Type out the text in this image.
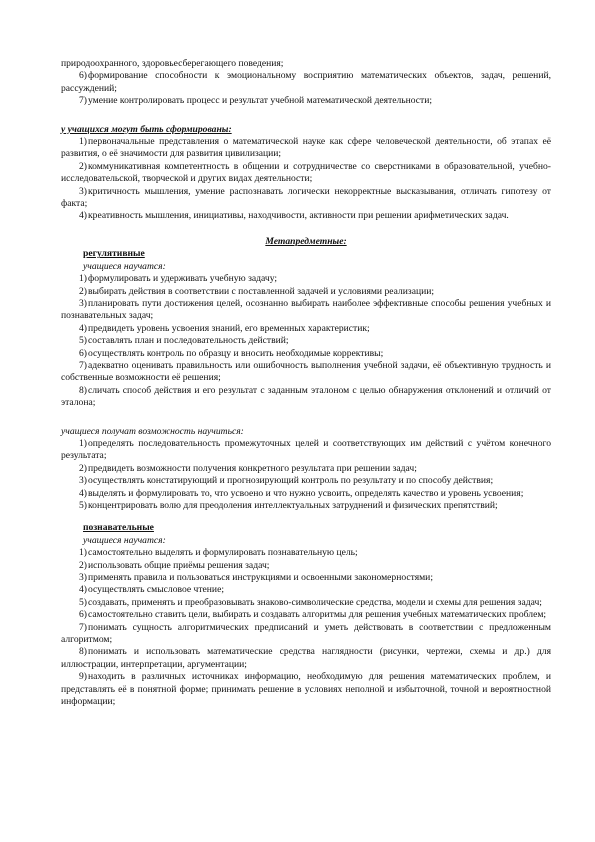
природоохранного, здоровьесберегающего поведения;

6)формирование способности к эмоциональному восприятию математических объектов, задач, решений, рассуждений;

7)умение контролировать процесс и результат учебной математической деятельности;

у учащихся могут быть сформированы:

1)первоначальные представления о математической науке как сфере человеческой деятельности, об этапах её развития, о её значимости для развития цивилизации;

2)коммуникативная компетентность в общении и сотрудничестве со сверстниками в образовательной, учебно-исследовательской, творческой и других видах деятельности;

3)критичность мышления, умение распознавать логически некорректные высказывания, отличать гипотезу от факта;

4)креативность мышления, инициативы, находчивости, активности при решении арифметических задач.

Метапредметные:

регулятивные

учащиеся научатся:

1)формулировать и удерживать учебную задачу;

2)выбирать действия в соответствии с поставленной задачей и условиями реализации;

3)планировать пути достижения целей, осознанно выбирать наиболее эффективные способы решения учебных и познавательных задач;

4)предвидеть уровень усвоения знаний, его временных характеристик;

5)составлять план и последовательность действий;

6)осуществлять контроль по образцу и вносить необходимые коррективы;

7)адекватно оценивать правильность или ошибочность выполнения учебной задачи, её объективную трудность и собственные возможности её решения;

8)сличать способ действия и его результат с заданным эталоном с целью обнаружения отклонений и отличий от эталона;

учащиеся получат возможность научиться:

1)определять последовательность промежуточных целей и соответствующих им действий с учётом конечного результата;

2)предвидеть возможности получения конкретного результата при решении задач;

3)осуществлять констатирующий и прогнозирующий контроль по результату и по способу действия;

4)выделять и формулировать то, что усвоено и что нужно усвоить, определять качество и уровень усвоения;

5)концентрировать волю для преодоления интеллектуальных затруднений и физических препятствий;

познавательные

учащиеся научатся:

1)самостоятельно выделять и формулировать познавательную цель;

2)использовать общие приёмы решения задач;

3)применять правила и пользоваться инструкциями и освоенными закономерностями;

4)осуществлять смысловое чтение;

5)создавать, применять и преобразовывать знаково-символические средства, модели и схемы для решения задач;

6)самостоятельно ставить цели, выбирать и создавать алгоритмы для решения учебных математических проблем;

7)понимать сущность алгоритмических предписаний и уметь действовать в соответствии с предложенным алгоритмом;

8)понимать и использовать математические средства наглядности (рисунки, чертежи, схемы и др.) для иллюстрации, интерпретации, аргументации;

9)находить в различных источниках информацию, необходимую для решения математических проблем, и представлять её в понятной форме; принимать решение в условиях неполной и избыточной, точной и вероятностной информации;
